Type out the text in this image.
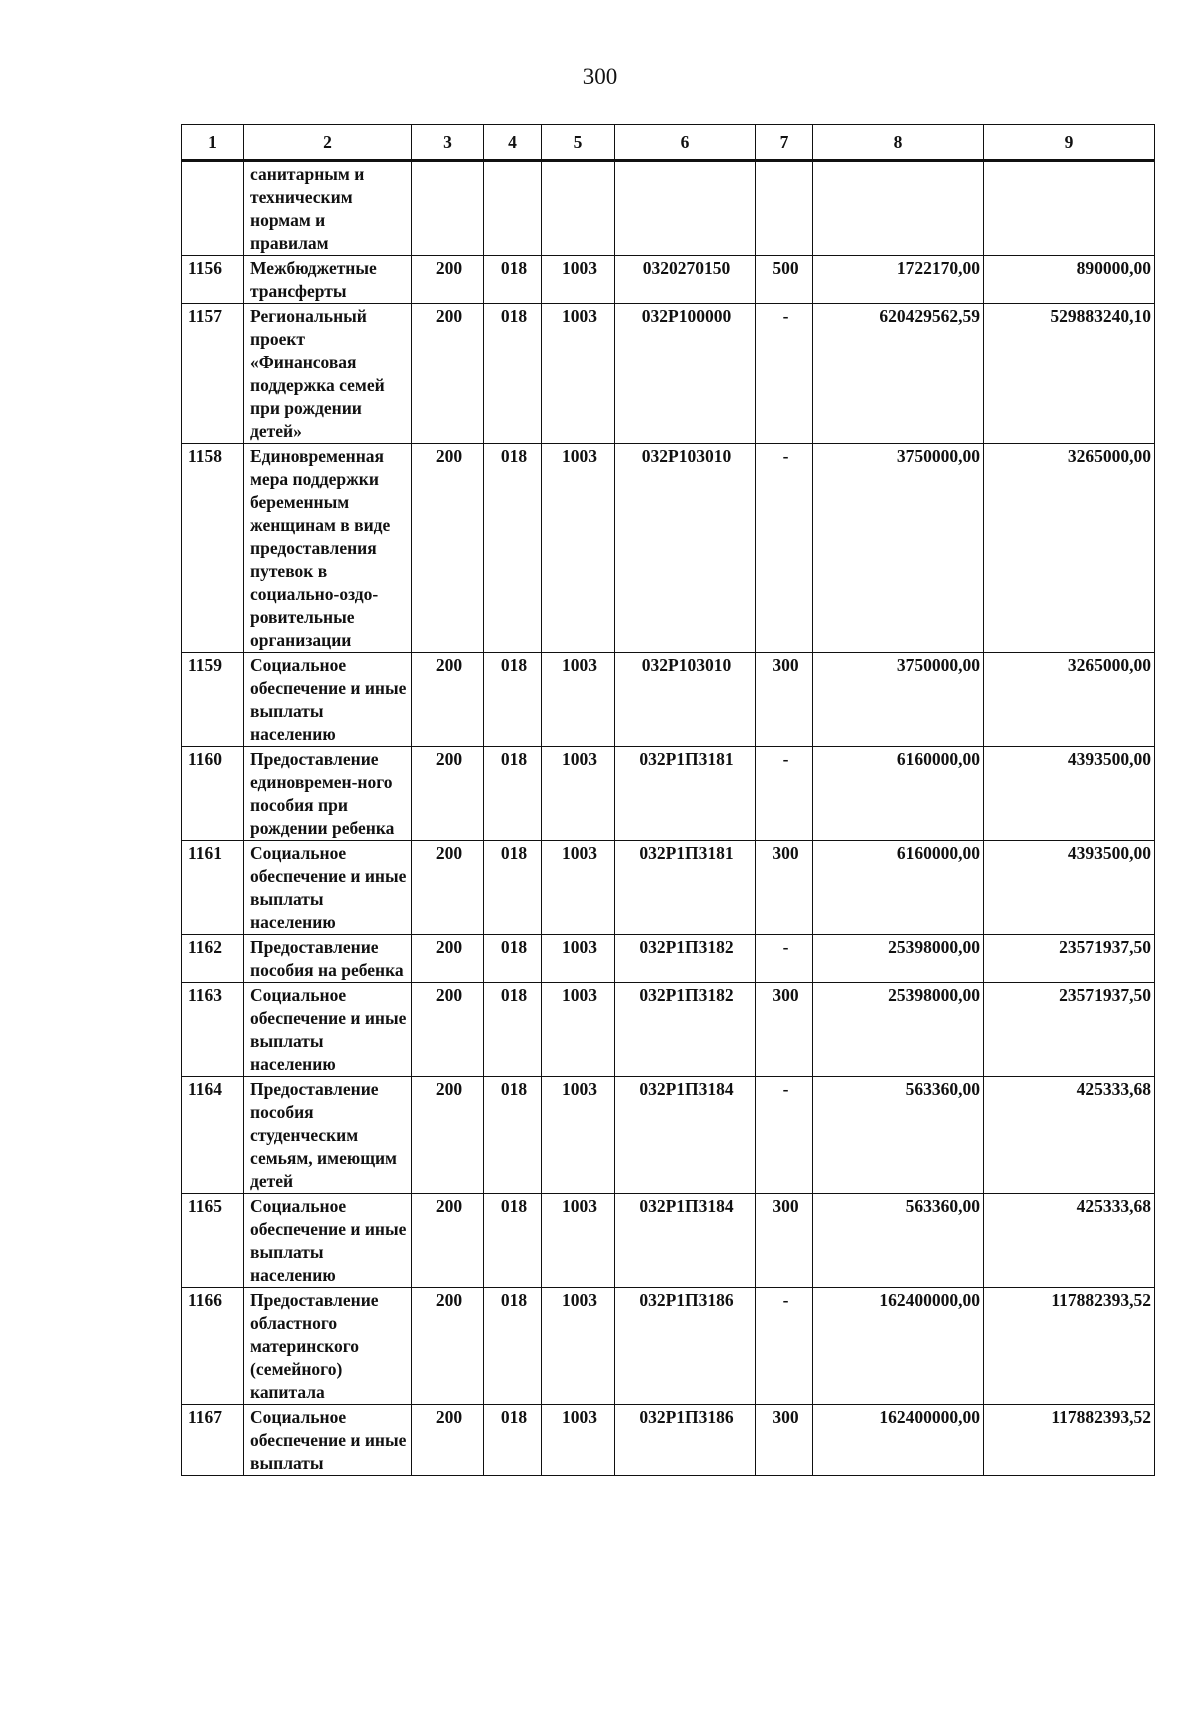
300
1	2	3	4	5	6	7	8	9
	санитарным и техническим нормам и правилам							
1156	Межбюджетные трансферты	200	018	1003	0320270150	500	1722170,00	890000,00
1157	Региональный проект «Финансовая поддержка семей при рождении детей»	200	018	1003	032P100000	-	620429562,59	529883240,10
1158	Единовременная мера поддержки беременным женщинам в виде предоставления путевок в социально-оздо-ровительные организации	200	018	1003	032P103010	-	3750000,00	3265000,00
1159	Социальное обеспечение и иные выплаты населению	200	018	1003	032P103010	300	3750000,00	3265000,00
1160	Предоставление единовремен-ного пособия при рождении ребенка	200	018	1003	032P1П3181	-	6160000,00	4393500,00
1161	Социальное обеспечение и иные выплаты населению	200	018	1003	032P1П3181	300	6160000,00	4393500,00
1162	Предоставление пособия на ребенка	200	018	1003	032P1П3182	-	25398000,00	23571937,50
1163	Социальное обеспечение и иные выплаты населению	200	018	1003	032P1П3182	300	25398000,00	23571937,50
1164	Предоставление пособия студенческим семьям, имеющим детей	200	018	1003	032P1П3184	-	563360,00	425333,68
1165	Социальное обеспечение и иные выплаты населению	200	018	1003	032P1П3184	300	563360,00	425333,68
1166	Предоставление областного материнского (семейного) капитала	200	018	1003	032P1П3186	-	162400000,00	117882393,52
1167	Социальное обеспечение и иные выплаты	200	018	1003	032P1П3186	300	162400000,00	117882393,52
